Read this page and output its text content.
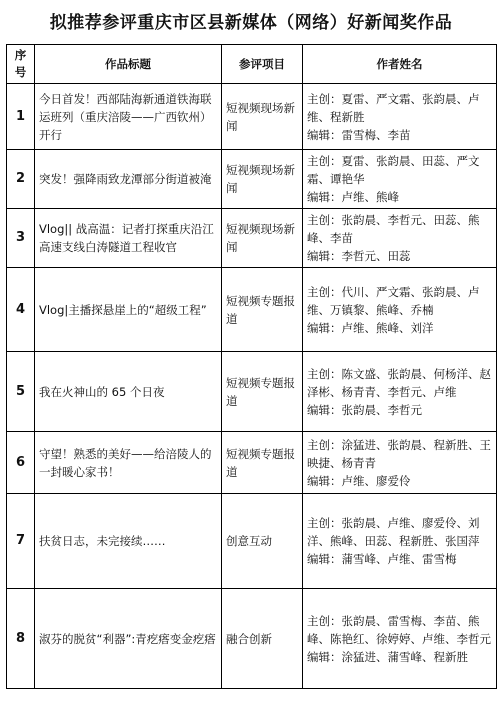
拟推荐参评重庆市区县新媒体（网络）好新闻奖作品
序号	作品标题	参评项目	作者姓名
1	今日首发！西部陆海新通道铁海联运班列（重庆涪陵——广西钦州）开行	短视频现场新闻	主创：夏雷、严文霜、张韵晨、卢维、程新胜
编辑：雷雪梅、李苗

2	突发！强降雨致龙潭部分街道被淹	短视频现场新闻	主创：夏雷、张韵晨、田蕊、严文霜、谭艳华
编辑：卢维、熊峰

3	Vlog|| 战高温：记者打探重庆沿江高速支线白涛隧道工程收官	短视频现场新闻	主创：张韵晨、李哲元、田蕊、熊峰、李苗
编辑：李哲元、田蕊

4	Vlog|主播探悬崖上的“超级工程”	短视频专题报道	主创：代川、严文霜、张韵晨、卢维、万镇黎、熊峰、乔楠
编辑：卢维、熊峰、刘洋

5	我在火神山的 65 个日夜	短视频专题报道	主创：陈文盛、张韵晨、何杨洋、赵泽彬、杨青青、李哲元、卢维
编辑：张韵晨、李哲元

6	守望！熟悉的美好——给涪陵人的一封暖心家书！	短视频专题报道	主创：涂猛进、张韵晨、程新胜、王映捷、杨青青
编辑：卢维、廖爱伶

7	扶贫日志，未完接续……	创意互动	主创：张韵晨、卢维、廖爱伶、刘洋、熊峰、田蕊、程新胜、张国萍
编辑：蒲雪峰、卢维、雷雪梅

8	淑芬的脱贫“利器”:青疙瘩变金疙瘩	融合创新	主创：张韵晨、雷雪梅、李苗、熊峰、陈艳红、徐婷婷、卢维、李哲元
编辑：涂猛进、蒲雪峰、程新胜
